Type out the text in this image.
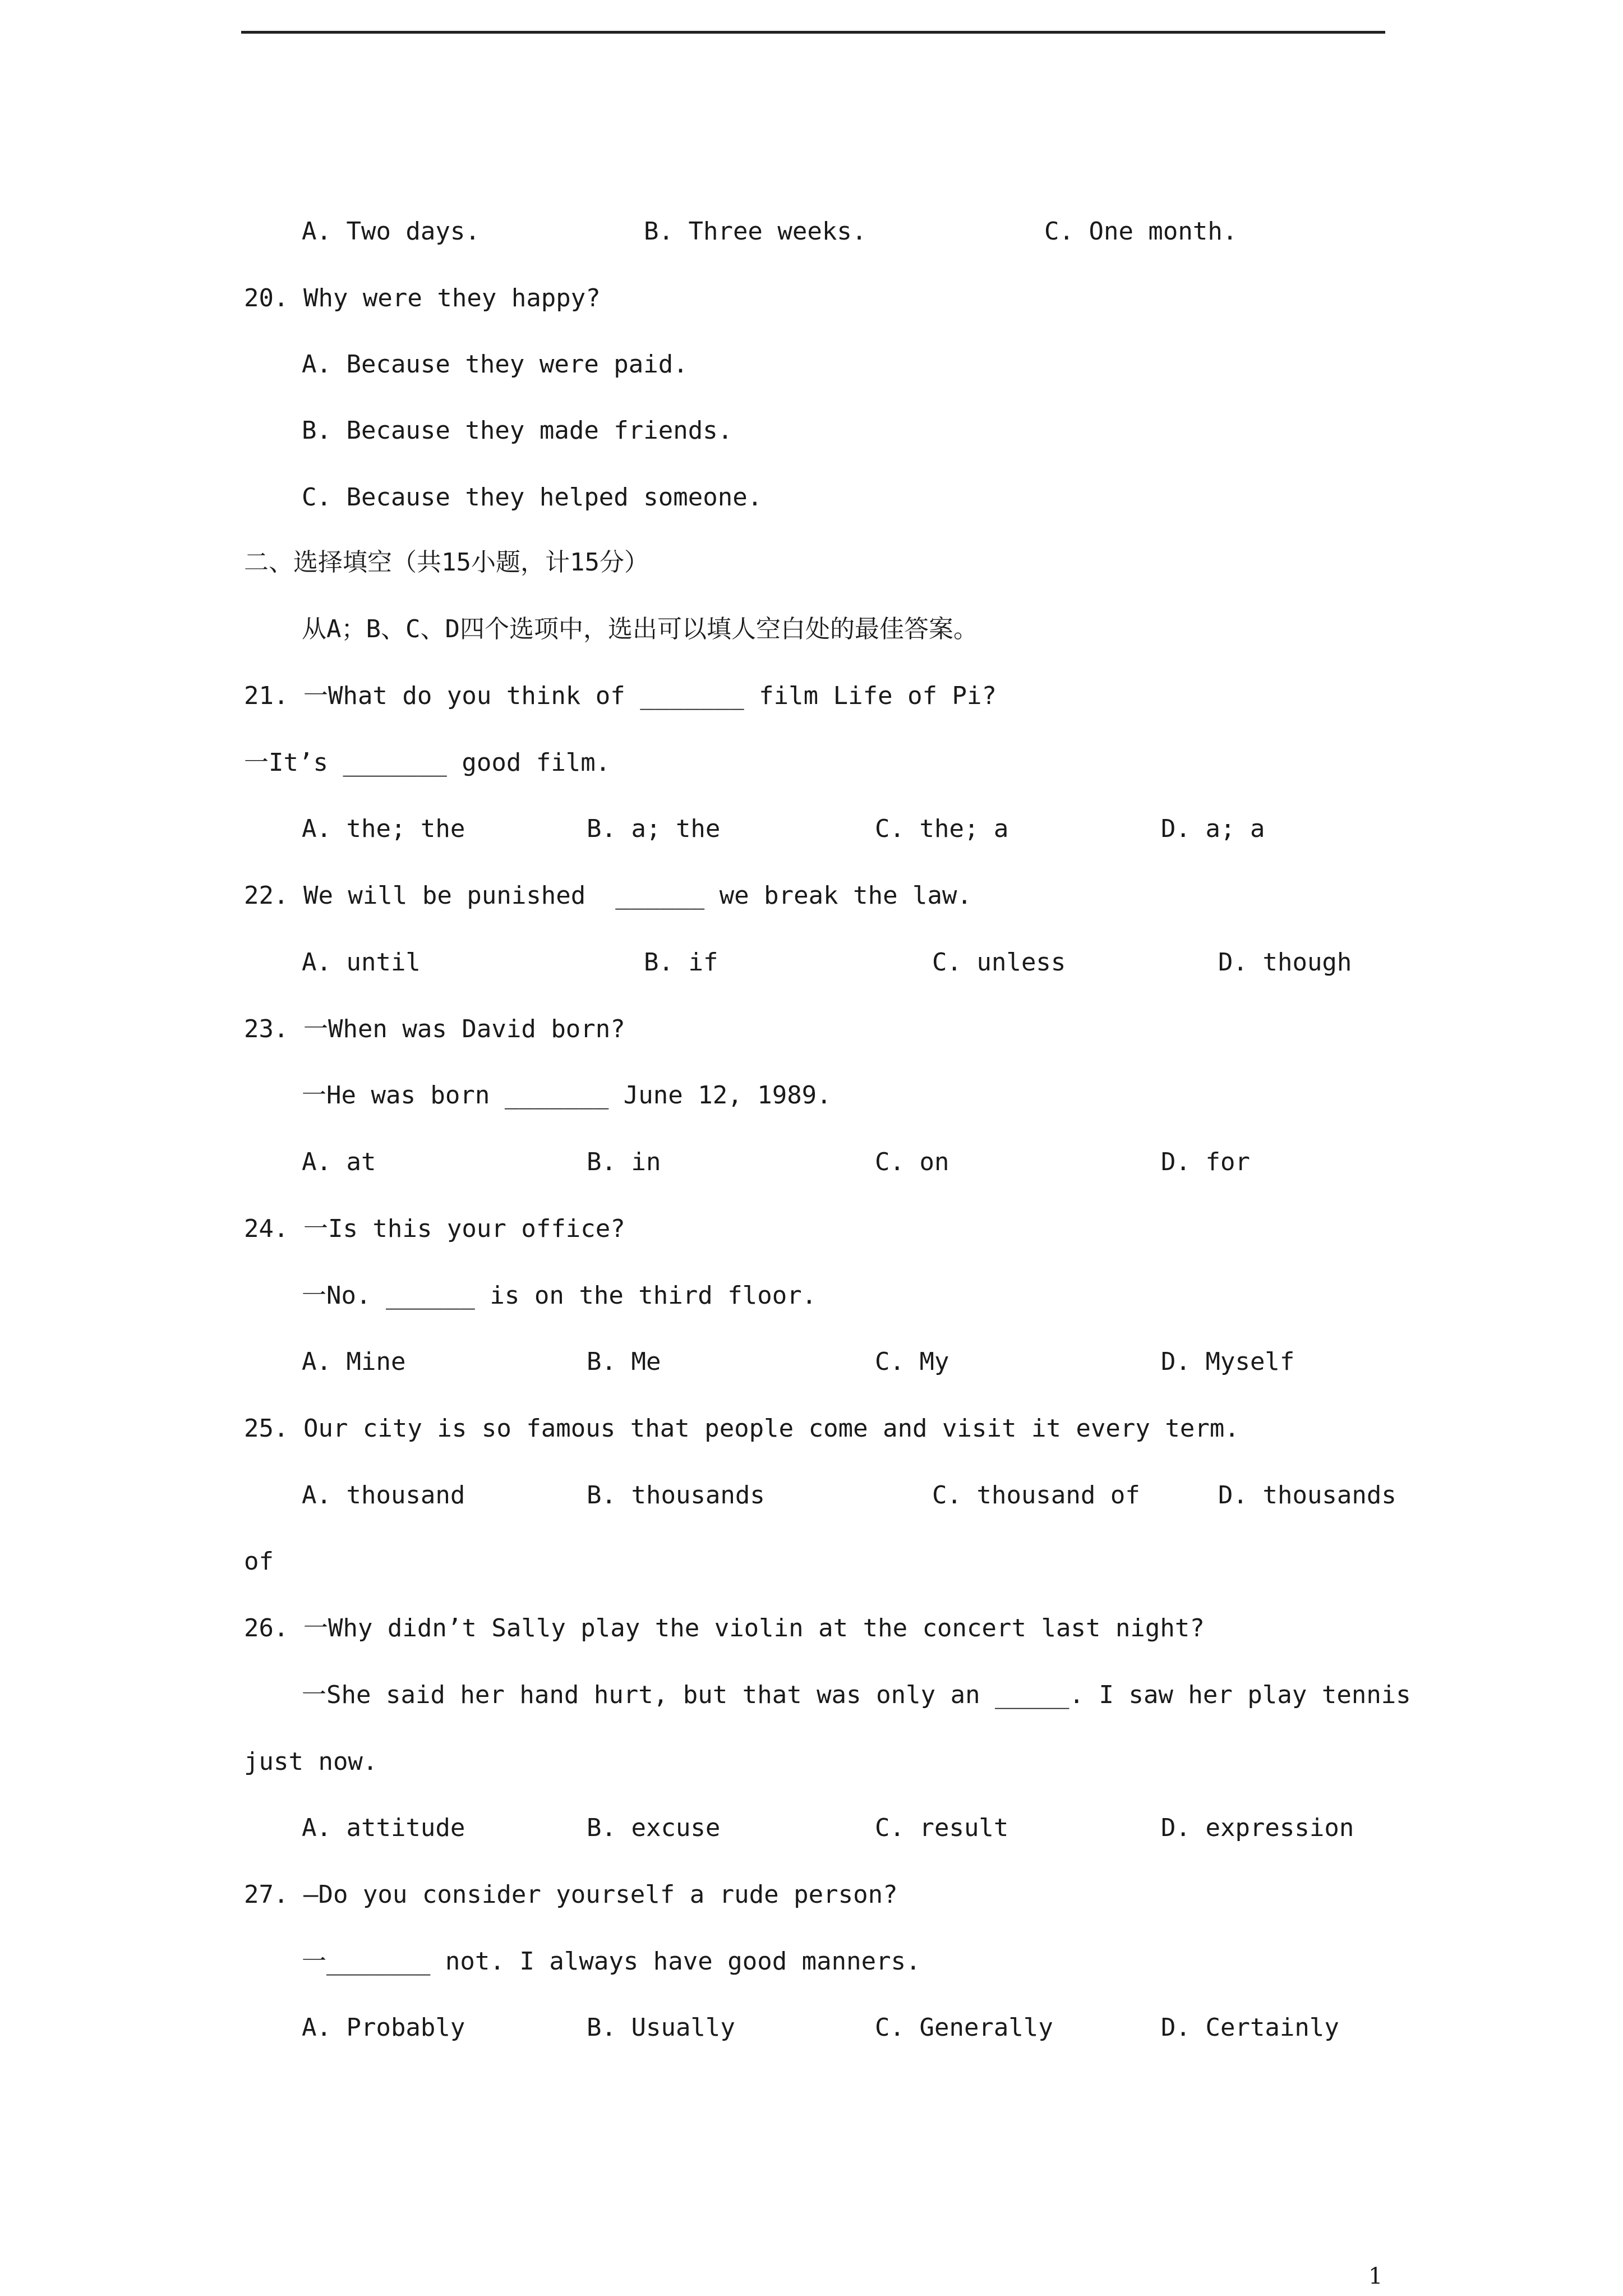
A. Two days.

	B. Three weeks.

	C. One month.

20. Why were they happy?

A. Because they were paid.

B. Because they made friends.

C. Because they helped someone.

二、选择填空（共15小题，计15分）

从A；B、C、D四个选项中，选出可以填人空白处的最佳答案。

21. 一What do you think of _______ film Life of Pi?

一It’s _______ good film.

A. the; the

	B. a; the

	C. the; a

	D. a; a

22. We will be punished  ______ we break the law.

A. until

	B. if

	C. unless

	D. though

23. 一When was David born?

一He was born _______ June 12, 1989.

A. at

	B. in

	C. on

	D. for

24. 一Is this your office?

一No. ______ is on the third floor.

A. Mine

	B. Me

	C. My

	D. Myself

25. Our city is so famous that people come and visit it every term.

A. thousand

	B. thousands

	C. thousand of

	D. thousands

of

26. 一Why didn’t Sally play the violin at the concert last night?

一She said her hand hurt, but that was only an _____. I saw her play tennis

just now.

A. attitude

	B. excuse

	C. result

	D. expression

27. —Do you consider yourself a rude person?

一_______ not. I always have good manners.

A. Probably

	B. Usually

	C. Generally

	D. Certainly

1
